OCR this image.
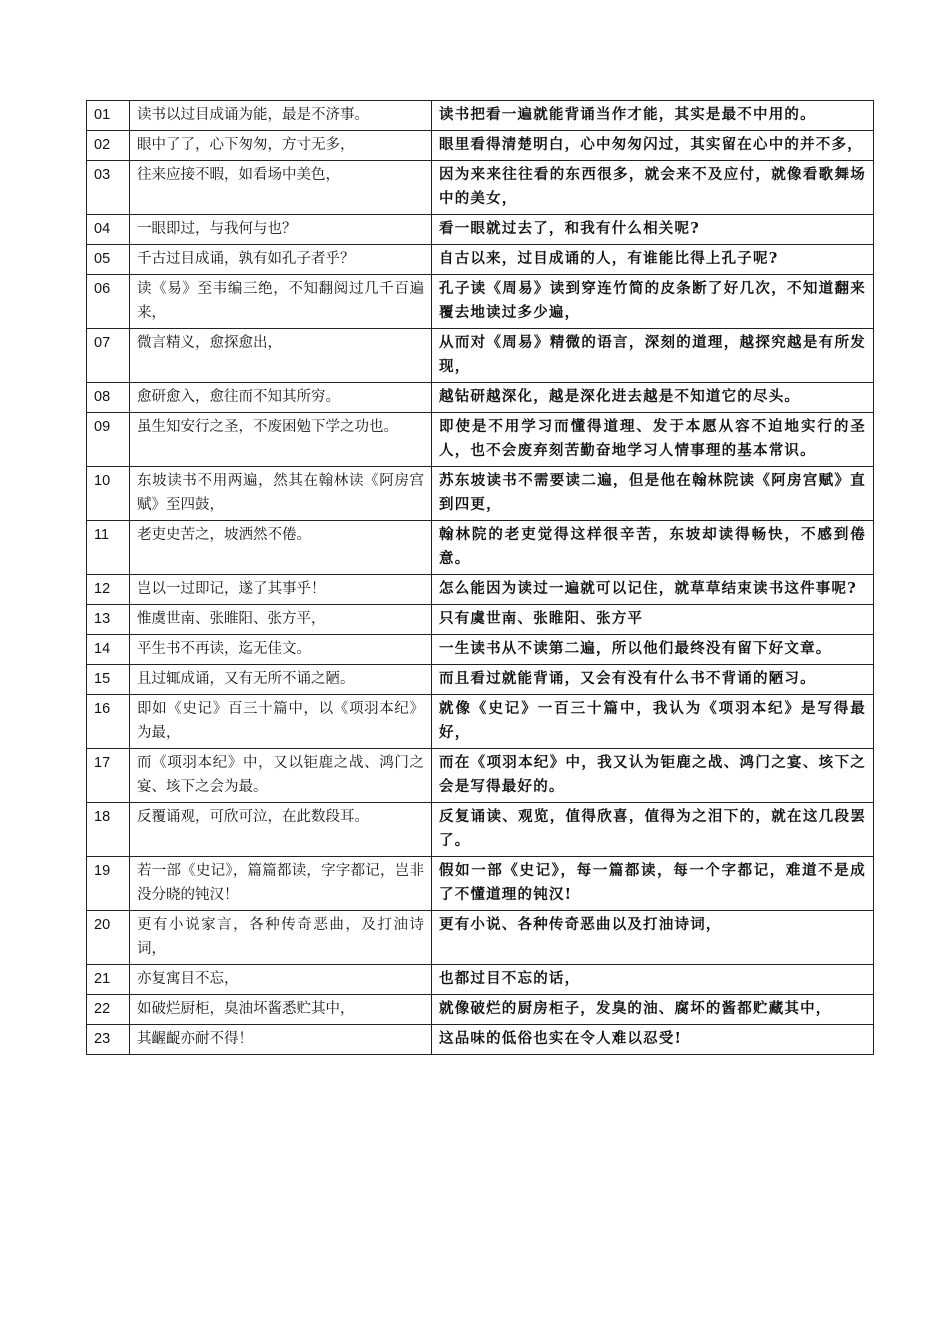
01	读书以过目成诵为能，最是不济事。	读书把看一遍就能背诵当作才能，其实是最不中用的。
02	眼中了了，心下匆匆，方寸无多，	眼里看得清楚明白，心中匆匆闪过，其实留在心中的并不多，
03	往来应接不暇，如看场中美色，	因为来来往往看的东西很多，就会来不及应付，就像看歌舞场中的美女，
04	一眼即过，与我何与也？	看一眼就过去了，和我有什么相关呢?
05	千古过目成诵，孰有如孔子者乎？	自古以来，过目成诵的人，有谁能比得上孔子呢?
06	读《易》至韦编三绝，不知翻阅过几千百遍来，	孔子读《周易》读到穿连竹简的皮条断了好几次，不知道翻来覆去地读过多少遍，
07	微言精义，愈探愈出，	从而对《周易》精微的语言，深刻的道理，越探究越是有所发现，
08	愈研愈入，愈往而不知其所穷。	越钻研越深化，越是深化进去越是不知道它的尽头。
09	虽生知安行之圣，不废困勉下学之功也。	即使是不用学习而懂得道理、发于本愿从容不迫地实行的圣人，也不会废弃刻苦勤奋地学习人情事理的基本常识。
10	东坡读书不用两遍，然其在翰林读《阿房宫赋》至四鼓，	苏东坡读书不需要读二遍，但是他在翰林院读《阿房宫赋》直到四更，
11	老吏史苦之，坡洒然不倦。	翰林院的老吏觉得这样很辛苦，东坡却读得畅快，不感到倦意。
12	岂以一过即记，遂了其事乎！	怎么能因为读过一遍就可以记住，就草草结束读书这件事呢?
13	惟虞世南、张睢阳、张方平，	只有虞世南、张睢阳、张方平
14	平生书不再读，迄无佳文。	一生读书从不读第二遍，所以他们最终没有留下好文章。
15	且过辄成诵，又有无所不诵之陋。	而且看过就能背诵，又会有没有什么书不背诵的陋习。
16	即如《史记》百三十篇中，以《项羽本纪》为最，	就像《史记》一百三十篇中，我认为《项羽本纪》是写得最好，
17	而《项羽本纪》中，又以钜鹿之战、鸿门之宴、垓下之会为最。	而在《项羽本纪》中，我又认为钜鹿之战、鸿门之宴、垓下之会是写得最好的。
18	反覆诵观，可欣可泣，在此数段耳。	反复诵读、观览，值得欣喜，值得为之泪下的，就在这几段罢了。
19	若一部《史记》，篇篇都读，字字都记，岂非没分晓的钝汉！	假如一部《史记》，每一篇都读，每一个字都记，难道不是成了不懂道理的钝汉!
20	更有小说家言，各种传奇恶曲，及打油诗词，	更有小说、各种传奇恶曲以及打油诗词，
21	亦复寓目不忘，	也都过目不忘的话，
22	如破烂厨柜，臭油坏酱悉贮其中，	就像破烂的厨房柜子，发臭的油、腐坏的酱都贮藏其中，
23	其齷齪亦耐不得！	这品味的低俗也实在令人难以忍受!
